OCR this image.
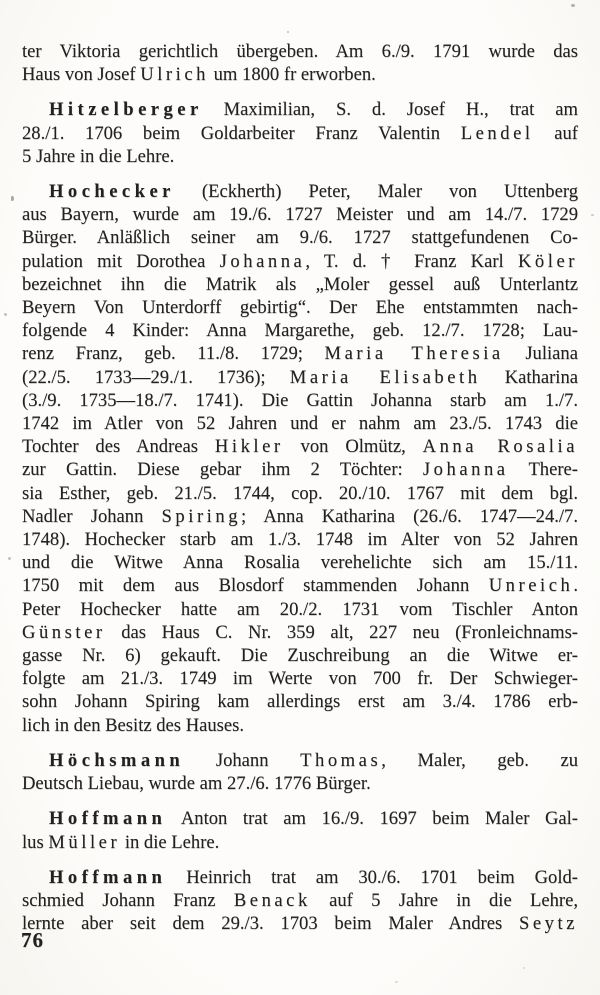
ter Viktoria gerichtlich übergeben. Am 6./9. 1791 wurde das
Haus von Josef Ulrich um 1800 fr erworben.
Hitzelberger Maximilian, S. d. Josef H., trat am
28./1. 1706 beim Goldarbeiter Franz Valentin Lendel auf
5 Jahre in die Lehre.
Hochecker (Eckherth) Peter, Maler von Uttenberg
aus Bayern, wurde am 19./6. 1727 Meister und am 14./7. 1729
Bürger. Anläßlich seiner am 9./6. 1727 stattgefundenen Co-
pulation mit Dorothea Johanna, T. d. † Franz Karl Köler
bezeichnet ihn die Matrik als „Moler gessel auß Unterlantz
Beyern Von Unterdorff gebirtig“. Der Ehe entstammten nach-
folgende 4 Kinder: Anna Margarethe, geb. 12./7. 1728; Lau-
renz Franz, geb. 11./8. 1729; Maria Theresia Juliana
(22./5. 1733—29./1. 1736); Maria Elisabeth Katharina
(3./9. 1735—18./7. 1741). Die Gattin Johanna starb am 1./7.
1742 im Atler von 52 Jahren und er nahm am 23./5. 1743 die
Tochter des Andreas Hikler von Olmütz, Anna Rosalia
zur Gattin. Diese gebar ihm 2 Töchter: Johanna There-
sia Esther, geb. 21./5. 1744, cop. 20./10. 1767 mit dem bgl.
Nadler Johann Spiring; Anna Katharina (26./6. 1747—24./7.
1748). Hochecker starb am 1./3. 1748 im Alter von 52 Jahren
und die Witwe Anna Rosalia verehelichte sich am 15./11.
1750 mit dem aus Blosdorf stammenden Johann Unreich.
Peter Hochecker hatte am 20./2. 1731 vom Tischler Anton
Günster das Haus C. Nr. 359 alt, 227 neu (Fronleichnams-
gasse Nr. 6) gekauft. Die Zuschreibung an die Witwe er-
folgte am 21./3. 1749 im Werte von 700 fr. Der Schwieger-
sohn Johann Spiring kam allerdings erst am 3./4. 1786 erb-
lich in den Besitz des Hauses.
Höchsmann Johann Thomas, Maler, geb. zu
Deutsch Liebau, wurde am 27./6. 1776 Bürger.
Hoffmann Anton trat am 16./9. 1697 beim Maler Gal-
lus Müller in die Lehre.
Hoffmann Heinrich trat am 30./6. 1701 beim Gold-
schmied Johann Franz Benack auf 5 Jahre in die Lehre,
lernte aber seit dem 29./3. 1703 beim Maler Andres Seytz
76
